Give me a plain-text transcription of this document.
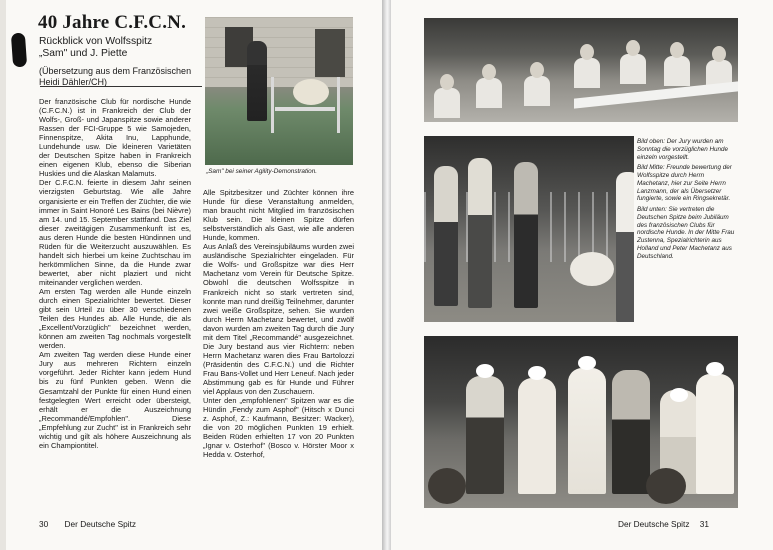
40 Jahre C.F.C.N.
Rückblick von Wolfsspitz
„Sam" und J. Piette
(Übersetzung aus dem Französischen
Heidi Dähler/CH)

Der französische Club für nordische Hunde (C.F.C.N.) ist in Frankreich der Club der Wolfs-, Groß- und Japanspitze sowie anderer Rassen der FCI-Gruppe 5 wie Samojeden, Finnenspitze, Akita Inu, Lapphunde, Lundehunde usw. Die kleineren Varietäten der Deutschen Spitze haben in Frankreich einen eigenen Klub, ebenso die Siberian Huskies und die Alaskan Malamuts.

Der C.F.C.N. feierte in diesem Jahr seinen vierzigsten Geburtstag. Wie alle Jahre organisierte er ein Treffen der Züchter, die wie immer in Saint Honoré Les Bains (bei Nièvre) am 14. und 15. September stattfand. Das Ziel dieser zweitägigen Zusammenkunft ist es, aus deren Hunde die besten Hündinnen und Rüden für die Weiterzucht auszuwählen. Es handelt sich hierbei um keine Zuchtschau im herkömmlichen Sinne, da die Hunde zwar bewertet, aber nicht plaziert und nicht miteinander verglichen werden.

Am ersten Tag werden alle Hunde einzeln durch einen Spezialrichter bewertet. Dieser gibt sein Urteil zu über 30 verschiedenen Teilen des Hundes ab. Alle Hunde, die als „Excellent/Vorzüglich" bezeichnet werden, können am zweiten Tag nochmals vorgestellt werden.

Am zweiten Tag werden diese Hunde einer Jury aus mehreren Richtern einzeln vorgeführt. Jeder Richter kann jedem Hund bis zu fünf Punkten geben. Wenn die Gesamtzahl der Punkte für einen Hund einen festgelegten Wert erreicht oder übersteigt, erhält er die Auszeichnung „Recommandé/Empfohlen". Diese „Empfehlung zur Zucht" ist in Frankreich sehr wichtig und gilt als höhere Auszeichnung als ein Championtitel.

„Sam" bei seiner Agility-Demonstration.

Alle Spitzbesitzer und Züchter können ihre Hunde für diese Veranstaltung anmelden, man braucht nicht Mitglied im französischen Klub sein. Die kleinen Spitze dürfen selbstverständlich als Gast, wie alle anderen Hunde, kommen.

Aus Anlaß des Vereinsjubiläums wurden zwei ausländische Spezialrichter eingeladen. Für die Wolfs- und Großspitze war dies Herr Machetanz vom Verein für Deutsche Spitze. Obwohl die deutschen Wolfsspitze in Frankreich nicht so stark vertreten sind, konnte man rund dreißig Teilnehmer, darunter zwei weiße Großspitze, sehen. Sie wurden durch Herrn Machetanz bewertet, und zwölf davon wurden am zweiten Tag durch die Jury mit dem Titel „Recommandé" ausgezeichnet. Die Jury bestand aus vier Richtern: neben Herrn Machetanz waren dies Frau Bartolozzi (Präsidentin des C.F.C.N.) und die Richter Frau Bans-Vollet und Herr Leneuf. Nach jeder Abstimmung gab es für Hunde und Führer viel Applaus von den Zuschauern.

Unter den „empfohlenen" Spitzen war es die Hündin „Fendy zum Asphof" (Hitsch x Dunci z. Asphof, Z.: Kaufmann, Besitzer: Wacker), die von 20 möglichen Punkten 19 erhielt. Beiden Rüden erhielten 17 von 20 Punkten „Ignar v. Osterhof" (Bosco v. Hörster Moor x Hedda v. Osterhof,

30 Der Deutsche Spitz

Bild oben: Der Jury wurden am Sonntag die vorzüglichen Hunde einzeln vorgestellt.

Bild Mitte: Freunde bewertung der Wolfsspitze durch Herrn Machetanz, hier zur Seite Herrn Lanzmann, der als Übersetzer fungierte, sowie ein Ringsekretär.

Bild unten: Sie vertreten die Deutschen Spitze beim Jubiläum des französischen Clubs für nordische Hunde. In der Mitte Frau Zustenna, Spezialrichterin aus Holland und Peter Machetanz aus Deutschland.

Der Deutsche Spitz 31
